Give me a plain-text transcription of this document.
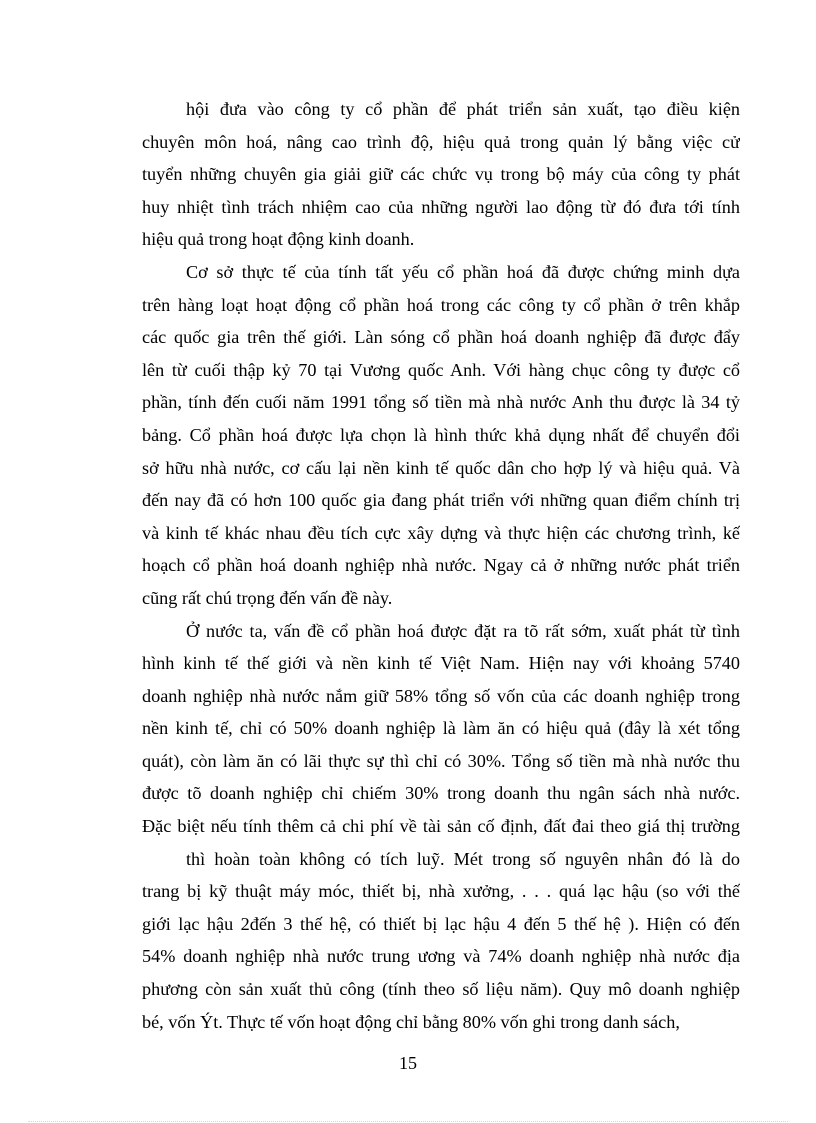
hội đưa vào công ty cổ phần để phát triển sản xuất, tạo điều kiện
chuyên môn hoá, nâng cao trình độ, hiệu quả trong quản lý bằng việc cử
tuyển những chuyên gia giải giữ các chức vụ trong bộ máy của công ty phát
huy nhiệt tình trách nhiệm cao của những người lao động từ đó đưa tới tính
hiệu quả trong hoạt động kinh doanh.
Cơ sở thực tế của tính tất yếu cổ phần hoá đã được chứng minh dựa
trên hàng loạt hoạt động cổ phần hoá trong các công ty cổ phần ở trên khắp
các quốc gia trên thế giới. Làn sóng cổ phần hoá doanh nghiệp đã được đẩy
lên từ cuối thập kỷ 70 tại Vương quốc Anh. Với hàng chục công ty được cổ
phần, tính đến cuối năm 1991 tổng số tiền mà nhà nước Anh thu được là 34 tỷ
bảng. Cổ phần hoá được lựa chọn là hình thức khả dụng nhất để chuyển đổi
sở hữu nhà nước, cơ cấu lại nền kinh tế quốc dân cho hợp lý và hiệu quả. Và
đến nay đã có hơn 100 quốc gia đang phát triển với những quan điểm chính trị
và kinh tế khác nhau đều tích cực xây dựng và thực hiện các chương trình, kế
hoạch cổ phần hoá doanh nghiệp nhà nước. Ngay cả ở những nước phát triển
cũng rất chú trọng đến vấn đề này.
Ở nước ta, vấn đề cổ phần hoá được đặt ra tõ rất sớm, xuất phát từ tình
hình kinh tế thế giới và nền kinh tế Việt Nam. Hiện nay với khoảng 5740
doanh nghiệp nhà nước nắm giữ 58% tổng số vốn của các doanh nghiệp trong
nền kinh tế, chỉ có 50% doanh nghiệp là làm ăn có hiệu quả (đây là xét tổng
quát), còn làm ăn có lãi thực sự thì chỉ có 30%. Tổng số tiền mà nhà nước thu
được tõ doanh nghiệp chỉ chiếm 30% trong doanh thu ngân sách nhà nước.
Đặc biệt nếu tính thêm cả chi phí về tài sản cố định, đất đai theo giá thị trường
thì hoàn toàn không có tích luỹ. Mét trong số nguyên nhân đó là do
trang bị kỹ thuật máy móc, thiết bị, nhà xưởng, . . . quá lạc hậu (so với thế
giới lạc hậu 2đến 3 thế hệ, có thiết bị lạc hậu 4 đến 5 thế hệ ). Hiện có đến
54% doanh nghiệp nhà nước trung ương và 74% doanh nghiệp nhà nước địa
phương còn sản xuất thủ công (tính theo số liệu năm). Quy mô doanh nghiệp
bé, vốn Ýt. Thực tế vốn hoạt động chỉ bằng 80% vốn ghi trong danh sách,
15
